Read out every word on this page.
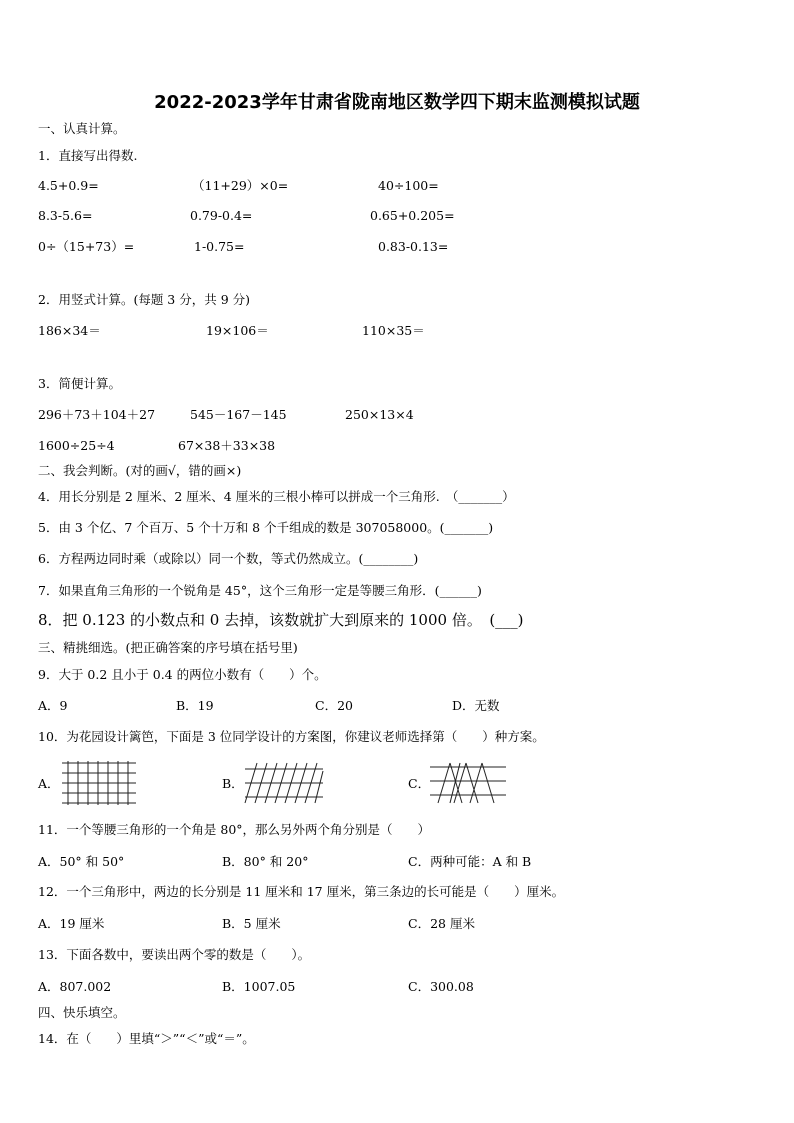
2022-2023学年甘肃省陇南地区数学四下期末监测模拟试题
一、认真计算。
1．直接写出得数.
4.5+0.9=	（11+29）×0=	40÷100=
8.3-5.6=	0.79-0.4=	0.65+0.205=
0÷（15+73）=	1-0.75=	0.83-0.13=
2．用竖式计算。(每题 3 分，共 9 分)
186×34＝	19×106＝	110×35＝
3．简便计算。
296＋73＋104＋27	545－167－145	250×13×4
1600÷25÷4	67×38＋33×38
二、我会判断。(对的画√，错的画×)
4．用长分别是 2 厘米、2 厘米、4 厘米的三根小棒可以拼成一个三角形.　（_______）
5．由 3 个亿、7 个百万、5 个十万和 8 个千组成的数是 307058000。(_______)
6．方程两边同时乘（或除以）同一个数，等式仍然成立。(________)
7．如果直角三角形的一个锐角是 45°，这个三角形一定是等腰三角形．(______)
8．把 0.123 的小数点和 0 去掉，该数就扩大到原来的 1000 倍。　(___)
三、精挑细选。(把正确答案的序号填在括号里)
9．大于 0.2 且小于 0.4 的两位小数有（　　）个。
A．9	B．19	C．20	D．无数
10．为花园设计篱笆，下面是 3 位同学设计的方案图，你建议老师选择第（　　）种方案。
A．	B．	C．
11．一个等腰三角形的一个角是 80°，那么另外两个角分别是（　　）
A．50° 和 50°	B．80° 和 20°	C．两种可能：A 和 B
12．一个三角形中，两边的长分别是 11 厘米和 17 厘米，第三条边的长可能是（　　）厘米。
A．19 厘米	B．5 厘米	C．28 厘米
13．下面各数中，要读出两个零的数是（　　）。
A．807.002	B．1007.05	C．300.08
四、快乐填空。
14．在（　　）里填“＞”“＜”或“＝”。
